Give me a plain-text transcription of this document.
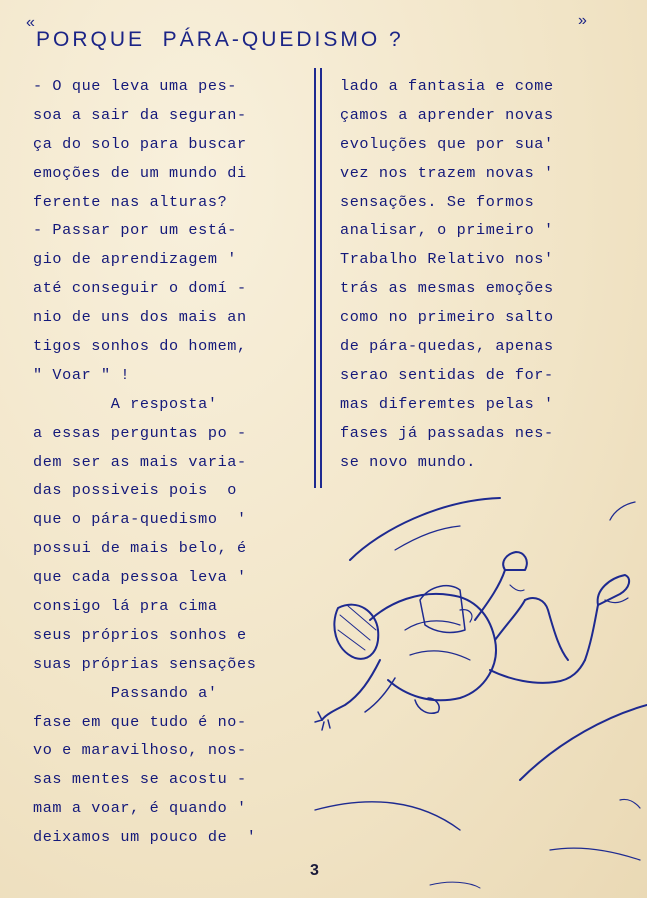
«

PORQUE  PÁRA-QUEDISMO ?

»

- O que leva uma pes-
soa a sair da seguran-
ça do solo para buscar
emoções de um mundo di
ferente nas alturas?
- Passar por um está-
gio de aprendizagem '
até conseguir o domí -
nio de uns dos mais an
tigos sonhos do homem,
" Voar " !
A resposta'
a essas perguntas po -
dem ser as mais varia-
das possiveis pois  o
que o pára-quedismo  '
possui de mais belo, é
que cada pessoa leva '
consigo lá pra cima
seus próprios sonhos e
suas próprias sensações
Passando a'
fase em que tudo é no-
vo e maravilhoso, nos-
sas mentes se acostu -
mam a voar, é quando '
deixamos um pouco de  '
lado a fantasia e come
çamos a aprender novas
evoluções que por sua'
vez nos trazem novas '
sensações. Se formos
analisar, o primeiro '
Trabalho Relativo nos'
trás as mesmas emoções
como no primeiro salto
de pára-quedas, apenas
serao sentidas de for-
mas diferemtes pelas '
fases já passadas nes-
se novo mundo.
3
